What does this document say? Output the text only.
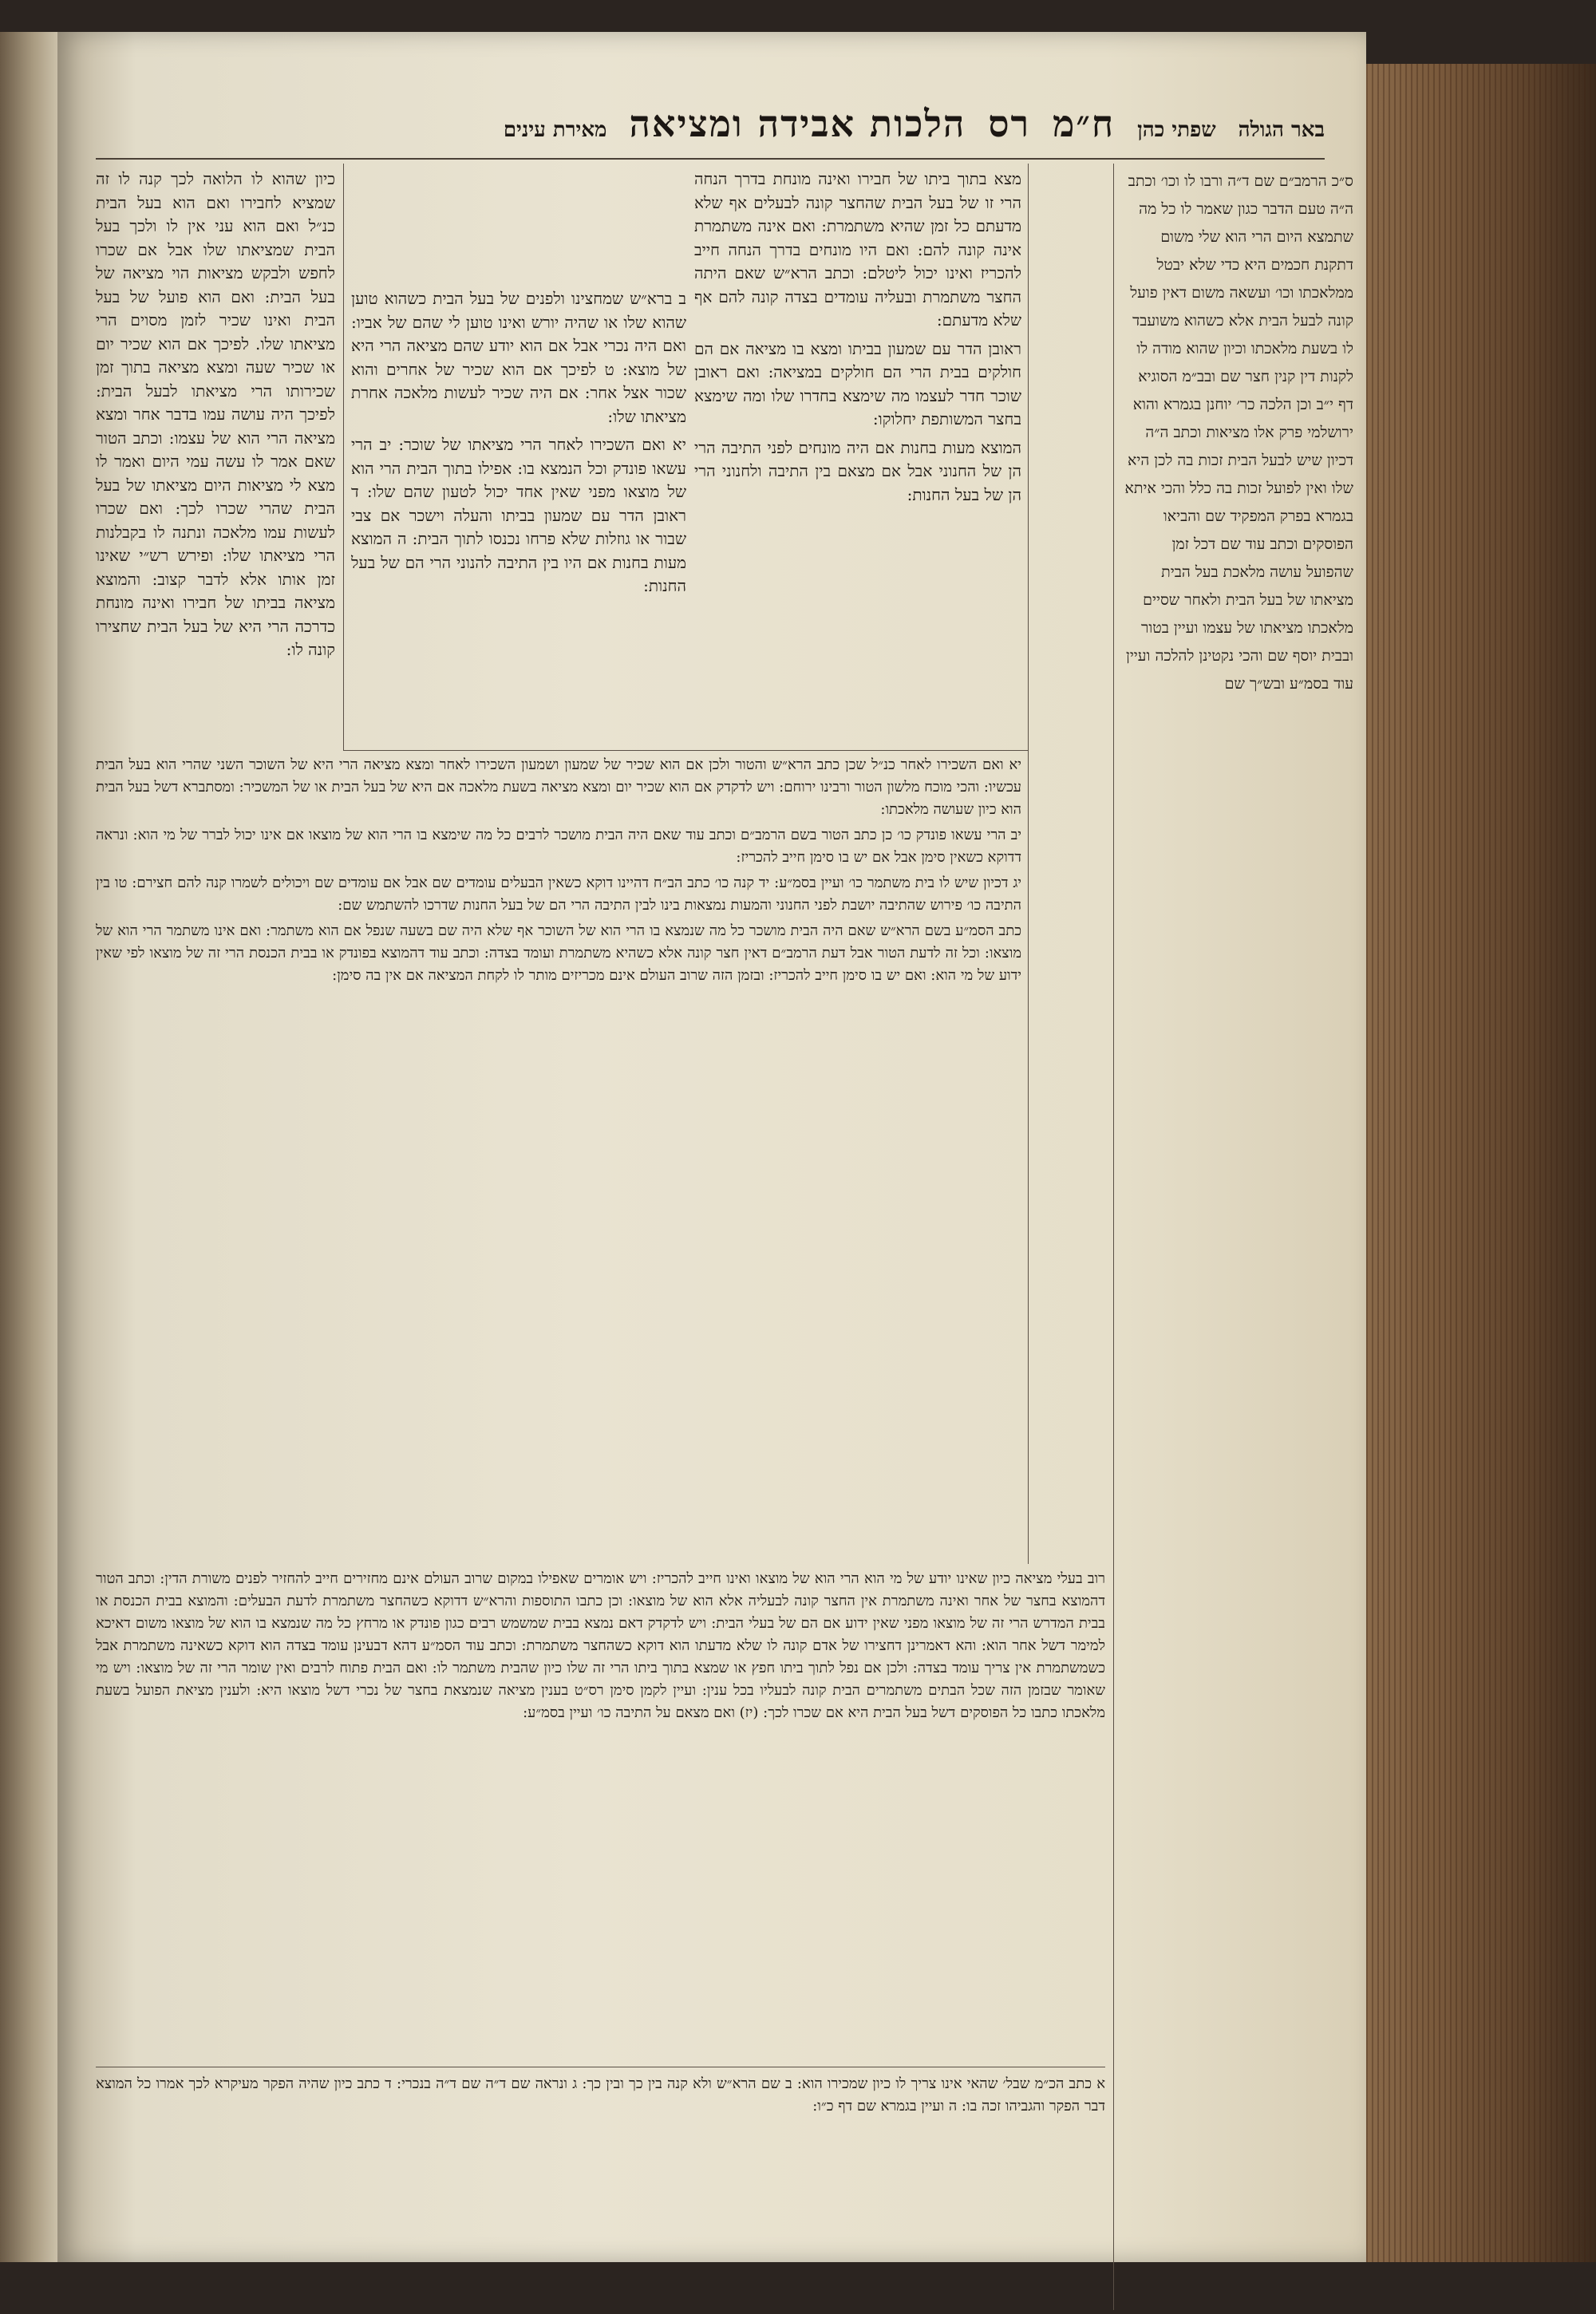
באר הגולה
שפתי כהן
ח״מ
רס
הלכות אבידה ומציאה
מאירת עינים
ס״כ הרמב״ם שם ד״ה ורבו לו וכו׳ וכתב ה״ה טעם הדבר כגון שאמר לו כל מה שתמצא היום הרי הוא שלי משום דתקנת חכמים היא כדי שלא יבטל ממלאכתו וכו׳ ועשאה משום דאין פועל קונה לבעל הבית אלא כשהוא משועבד לו בשעת מלאכתו וכיון שהוא מודה לו לקנות דין קנין חצר שם ובב״מ הסוגיא דף י״ב וכן הלכה כר׳ יוחנן בגמרא והוא ירושלמי פרק אלו מציאות וכתב ה״ה דכיון שיש לבעל הבית זכות בה לכן היא שלו ואין לפועל זכות בה כלל והכי איתא בגמרא בפרק המפקיד שם והביאו הפוסקים וכתב עוד שם דכל זמן שהפועל עושה מלאכת בעל הבית מציאתו של בעל הבית ולאחר שסיים מלאכתו מציאתו של עצמו ועיין בטור ובבית יוסף שם והכי נקטינן להלכה ועיין עוד בסמ״ע ובש״ך שם
כיון שהוא לו הלואה לכך קנה לו זה שמציא לחבירו ואם הוא בעל הבית כנ״ל ואם הוא עני אין לו ולכך בעל הבית שמציאתו שלו אבל אם שכרו לחפש ולבקש מציאות הוי מציאה של בעל הבית: ואם הוא פועל של בעל הבית ואינו שכיר לזמן מסוים הרי מציאתו שלו. לפיכך אם הוא שכיר יום או שכיר שעה ומצא מציאה בתוך זמן שכירותו הרי מציאתו לבעל הבית: לפיכך היה עושה עמו בדבר אחר ומצא מציאה הרי הוא של עצמו: וכתב הטור שאם אמר לו עשה עמי היום ואמר לו מצא לי מציאות היום מציאתו של בעל הבית שהרי שכרו לכך: ואם שכרו לעשות עמו מלאכה ונתנה לו בקבלנות הרי מציאתו שלו: ופירש רש״י שאינו זמן אותו אלא לדבר קצוב: והמוצא מציאה בביתו של חבירו ואינה מונחת כדרכה הרי היא של בעל הבית שחצירו קונה לו:

מצא בתוך ביתו של חבירו ואינה מונחת בדרך הנחה הרי זו של בעל הבית שהחצר קונה לבעלים אף שלא מדעתם כל זמן שהיא משתמרת: ואם אינה משתמרת אינה קונה להם: ואם היו מונחים בדרך הנחה חייב להכריז ואינו יכול ליטלם: וכתב הרא״ש שאם היתה החצר משתמרת ובעליה עומדים בצדה קונה להם אף שלא מדעתם:

ראובן הדר עם שמעון בביתו ומצא בו מציאה אם הם חולקים בבית הרי הם חולקים במציאה: ואם ראובן שוכר חדר לעצמו מה שימצא בחדרו שלו ומה שימצא בחצר המשותפת יחלוקו:

המוצא מעות בחנות אם היה מונחים לפני התיבה הרי הן של החנוני אבל אם מצאם בין התיבה ולחנוני הרי הן של בעל החנות:

ב ברא״ש שמחצינו ולפנים של בעל הבית כשהוא טוען שהוא שלו או שהיה יורש ואינו טוען לי שהם של אביו: ואם היה נכרי אבל אם הוא יודע שהם מציאה הרי היא של מוצא: ט לפיכך אם הוא שכיר של אחרים והוא שכור אצל אחר: אם היה שכיר לעשות מלאכה אחרת מציאתו שלו:

יא ואם השכירו לאחר הרי מציאתו של שוכר: יב הרי עשאו פונדק וכל הנמצא בו: אפילו בתוך הבית הרי הוא של מוצאו מפני שאין אחד יכול לטעון שהם שלו: ד ראובן הדר עם שמעון בביתו והעלה וישכר אם צבי שבור או גוזלות שלא פרחו נכנסו לתוך הבית: ה המוצא מעות בחנות אם היו בין התיבה להנוני הרי הם של בעל החנות:

יא ואם השכירו לאחר כנ״ל שכן כתב הרא״ש והטור ולכן אם הוא שכיר של שמעון ושמעון השכירו לאחר ומצא מציאה הרי היא של השוכר השני שהרי הוא בעל הבית עכשיו: והכי מוכח מלשון הטור ורבינו ירוחם: ויש לדקדק אם הוא שכיר יום ומצא מציאה בשעת מלאכה אם היא של בעל הבית או של המשכיר: ומסתברא דשל בעל הבית הוא כיון שעושה מלאכתו:

יב הרי עשאו פונדק כו׳ כן כתב הטור בשם הרמב״ם וכתב עוד שאם היה הבית מושכר לרבים כל מה שימצא בו הרי הוא של מוצאו אם אינו יכול לברר של מי הוא: ונראה דדוקא כשאין סימן אבל אם יש בו סימן חייב להכריז:

יג דכיון שיש לו בית משתמר כו׳ ועיין בסמ״ע: יד קנה כו׳ כתב הב״ח דהיינו דוקא כשאין הבעלים עומדים שם אבל אם עומדים שם ויכולים לשמרו קנה להם חצירם: טו בין התיבה כו׳ פירוש שהתיבה יושבת לפני החנוני והמעות נמצאות בינו לבין התיבה הרי הם של בעל החנות שדרכו להשתמש שם:

כתב הסמ״ע בשם הרא״ש שאם היה הבית מושכר כל מה שנמצא בו הרי הוא של השוכר אף שלא היה שם בשעה שנפל אם הוא משתמר: ואם אינו משתמר הרי הוא של מוצאו: וכל זה לדעת הטור אבל דעת הרמב״ם דאין חצר קונה אלא כשהיא משתמרת ועומד בצדה: וכתב עוד דהמוצא בפונדק או בבית הכנסת הרי זה של מוצאו לפי שאין ידוע של מי הוא: ואם יש בו סימן חייב להכריז: ובזמן הזה שרוב העולם אינם מכריזים מותר לו לקחת המציאה אם אין בה סימן:

רוב בעלי מציאה כיון שאינו יודע של מי הוא הרי הוא של מוצאו ואינו חייב להכריז: ויש אומרים שאפילו במקום שרוב העולם אינם מחזירים חייב להחזיר לפנים משורת הדין: וכתב הטור דהמוצא בחצר של אחר ואינה משתמרת אין החצר קונה לבעליה אלא הוא של מוצאו: וכן כתבו התוספות והרא״ש דדוקא כשהחצר משתמרת לדעת הבעלים: והמוצא בבית הכנסת או בבית המדרש הרי זה של מוצאו מפני שאין ידוע אם הם של בעלי הבית: ויש לדקדק דאם נמצא בבית שמשמש רבים כגון פונדק או מרחץ כל מה שנמצא בו הוא של מוצאו משום דאיכא למימר דשל אחר הוא: והא דאמרינן דחצירו של אדם קונה לו שלא מדעתו הוא דוקא כשהחצר משתמרת: וכתב עוד הסמ״ע דהא דבעינן עומד בצדה הוא דוקא כשאינה משתמרת אבל כשמשתמרת אין צריך עומד בצדה: ולכן אם נפל לתוך ביתו חפץ או שמצא בתוך ביתו הרי זה שלו כיון שהבית משתמר לו: ואם הבית פתוח לרבים ואין שומר הרי זה של מוצאו: ויש מי שאומר שבזמן הזה שכל הבתים משתמרים הבית קונה לבעליו בכל ענין: ועיין לקמן סימן רס״ט בענין מציאה שנמצאת בחצר של נכרי דשל מוצאו היא: ולענין מציאת הפועל בשעת מלאכתו כתבו כל הפוסקים דשל בעל הבית היא אם שכרו לכך: (יז) ואם מצאם על התיבה כו׳ ועיין בסמ״ע:
א כתב הכ״מ שבל׳ שהאי אינו צריך לו כיון שמכירו הוא: ב שם הרא״ש ולא קנה בין כך ובין כך: ג ונראה שם ד״ה שם ד״ה בנכרי: ד כתב כיון שהיה הפקר מעיקרא לכך אמרו כל המוצא דבר הפקר והגביהו זכה בו: ה ועיין בגמרא שם דף כ״ו:
